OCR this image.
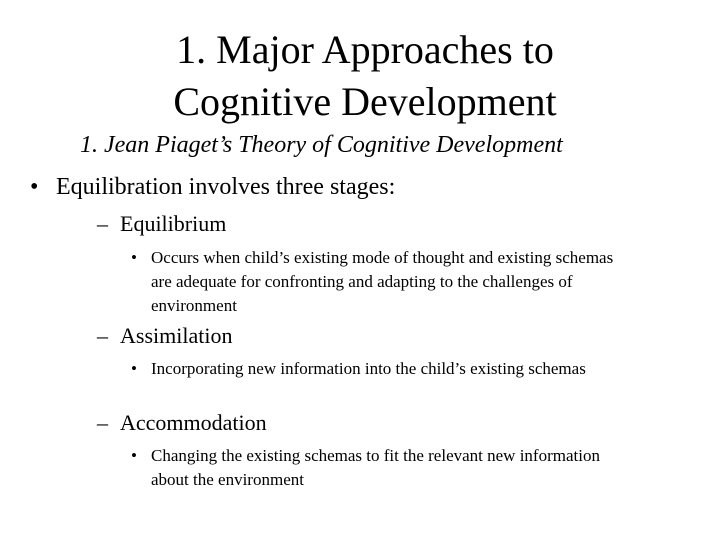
1. Major Approaches to
Cognitive Development
1. Jean Piaget’s Theory of Cognitive Development
• Equilibration involves three stages:
– Equilibrium
• Occurs when child’s existing mode of thought and existing schemas are adequate for confronting and adapting to the challenges of environment
– Assimilation
• Incorporating new information into the child’s existing schemas
– Accommodation
• Changing the existing schemas to fit the relevant new information about the environment
